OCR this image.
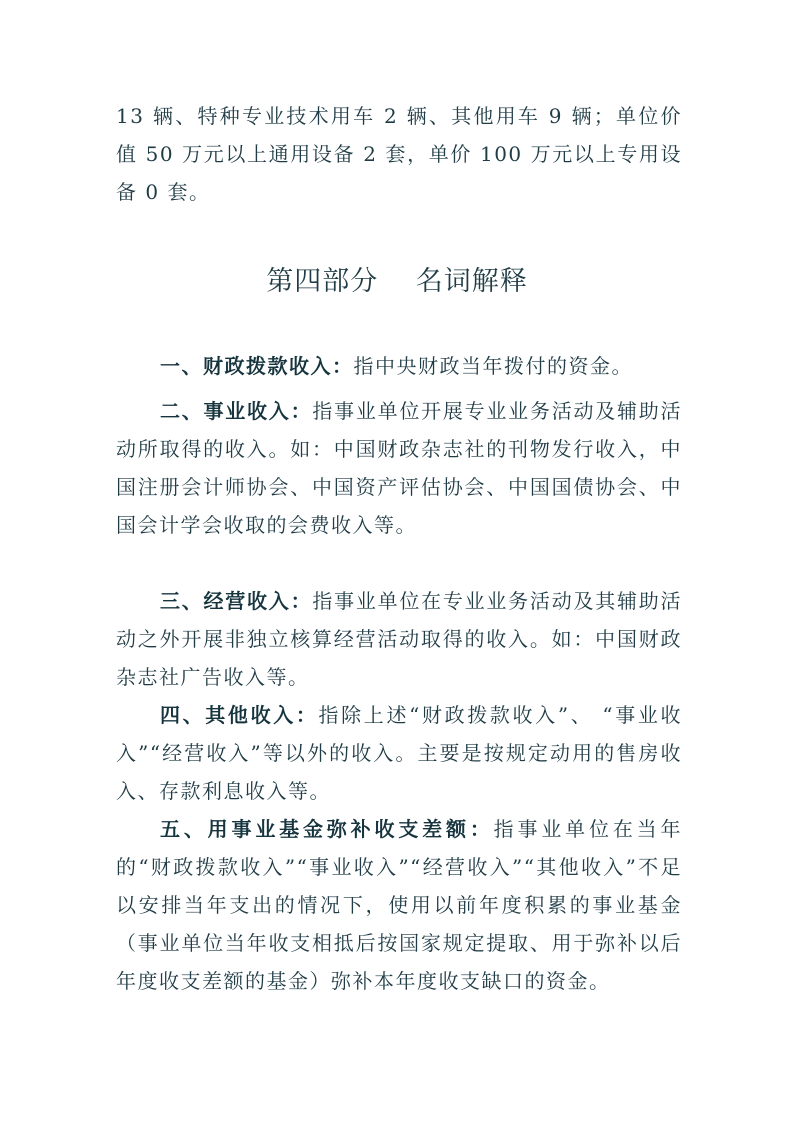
13 辆、特种专业技术用车 2 辆、其他用车 9 辆；单位价值 50 万元以上通用设备 2 套，单价 100 万元以上专用设备 0 套。

第四部分　 名词解释

一、财政拨款收入：指中央财政当年拨付的资金。

二、事业收入：指事业单位开展专业业务活动及辅助活动所取得的收入。如：中国财政杂志社的刊物发行收入，中国注册会计师协会、中国资产评估协会、中国国债协会、中国会计学会收取的会费收入等。

三、经营收入：指事业单位在专业业务活动及其辅助活动之外开展非独立核算经营活动取得的收入。如：中国财政杂志社广告收入等。

四、其他收入：指除上述“财政拨款收入”、 “事业收入”“经营收入”等以外的收入。主要是按规定动用的售房收入、存款利息收入等。

五、用事业基金弥补收支差额：指事业单位在当年的“财政拨款收入”“事业收入”“经营收入”“其他收入”不足以安排当年支出的情况下，使用以前年度积累的事业基金（事业单位当年收支相抵后按国家规定提取、用于弥补以后年度收支差额的基金）弥补本年度收支缺口的资金。
